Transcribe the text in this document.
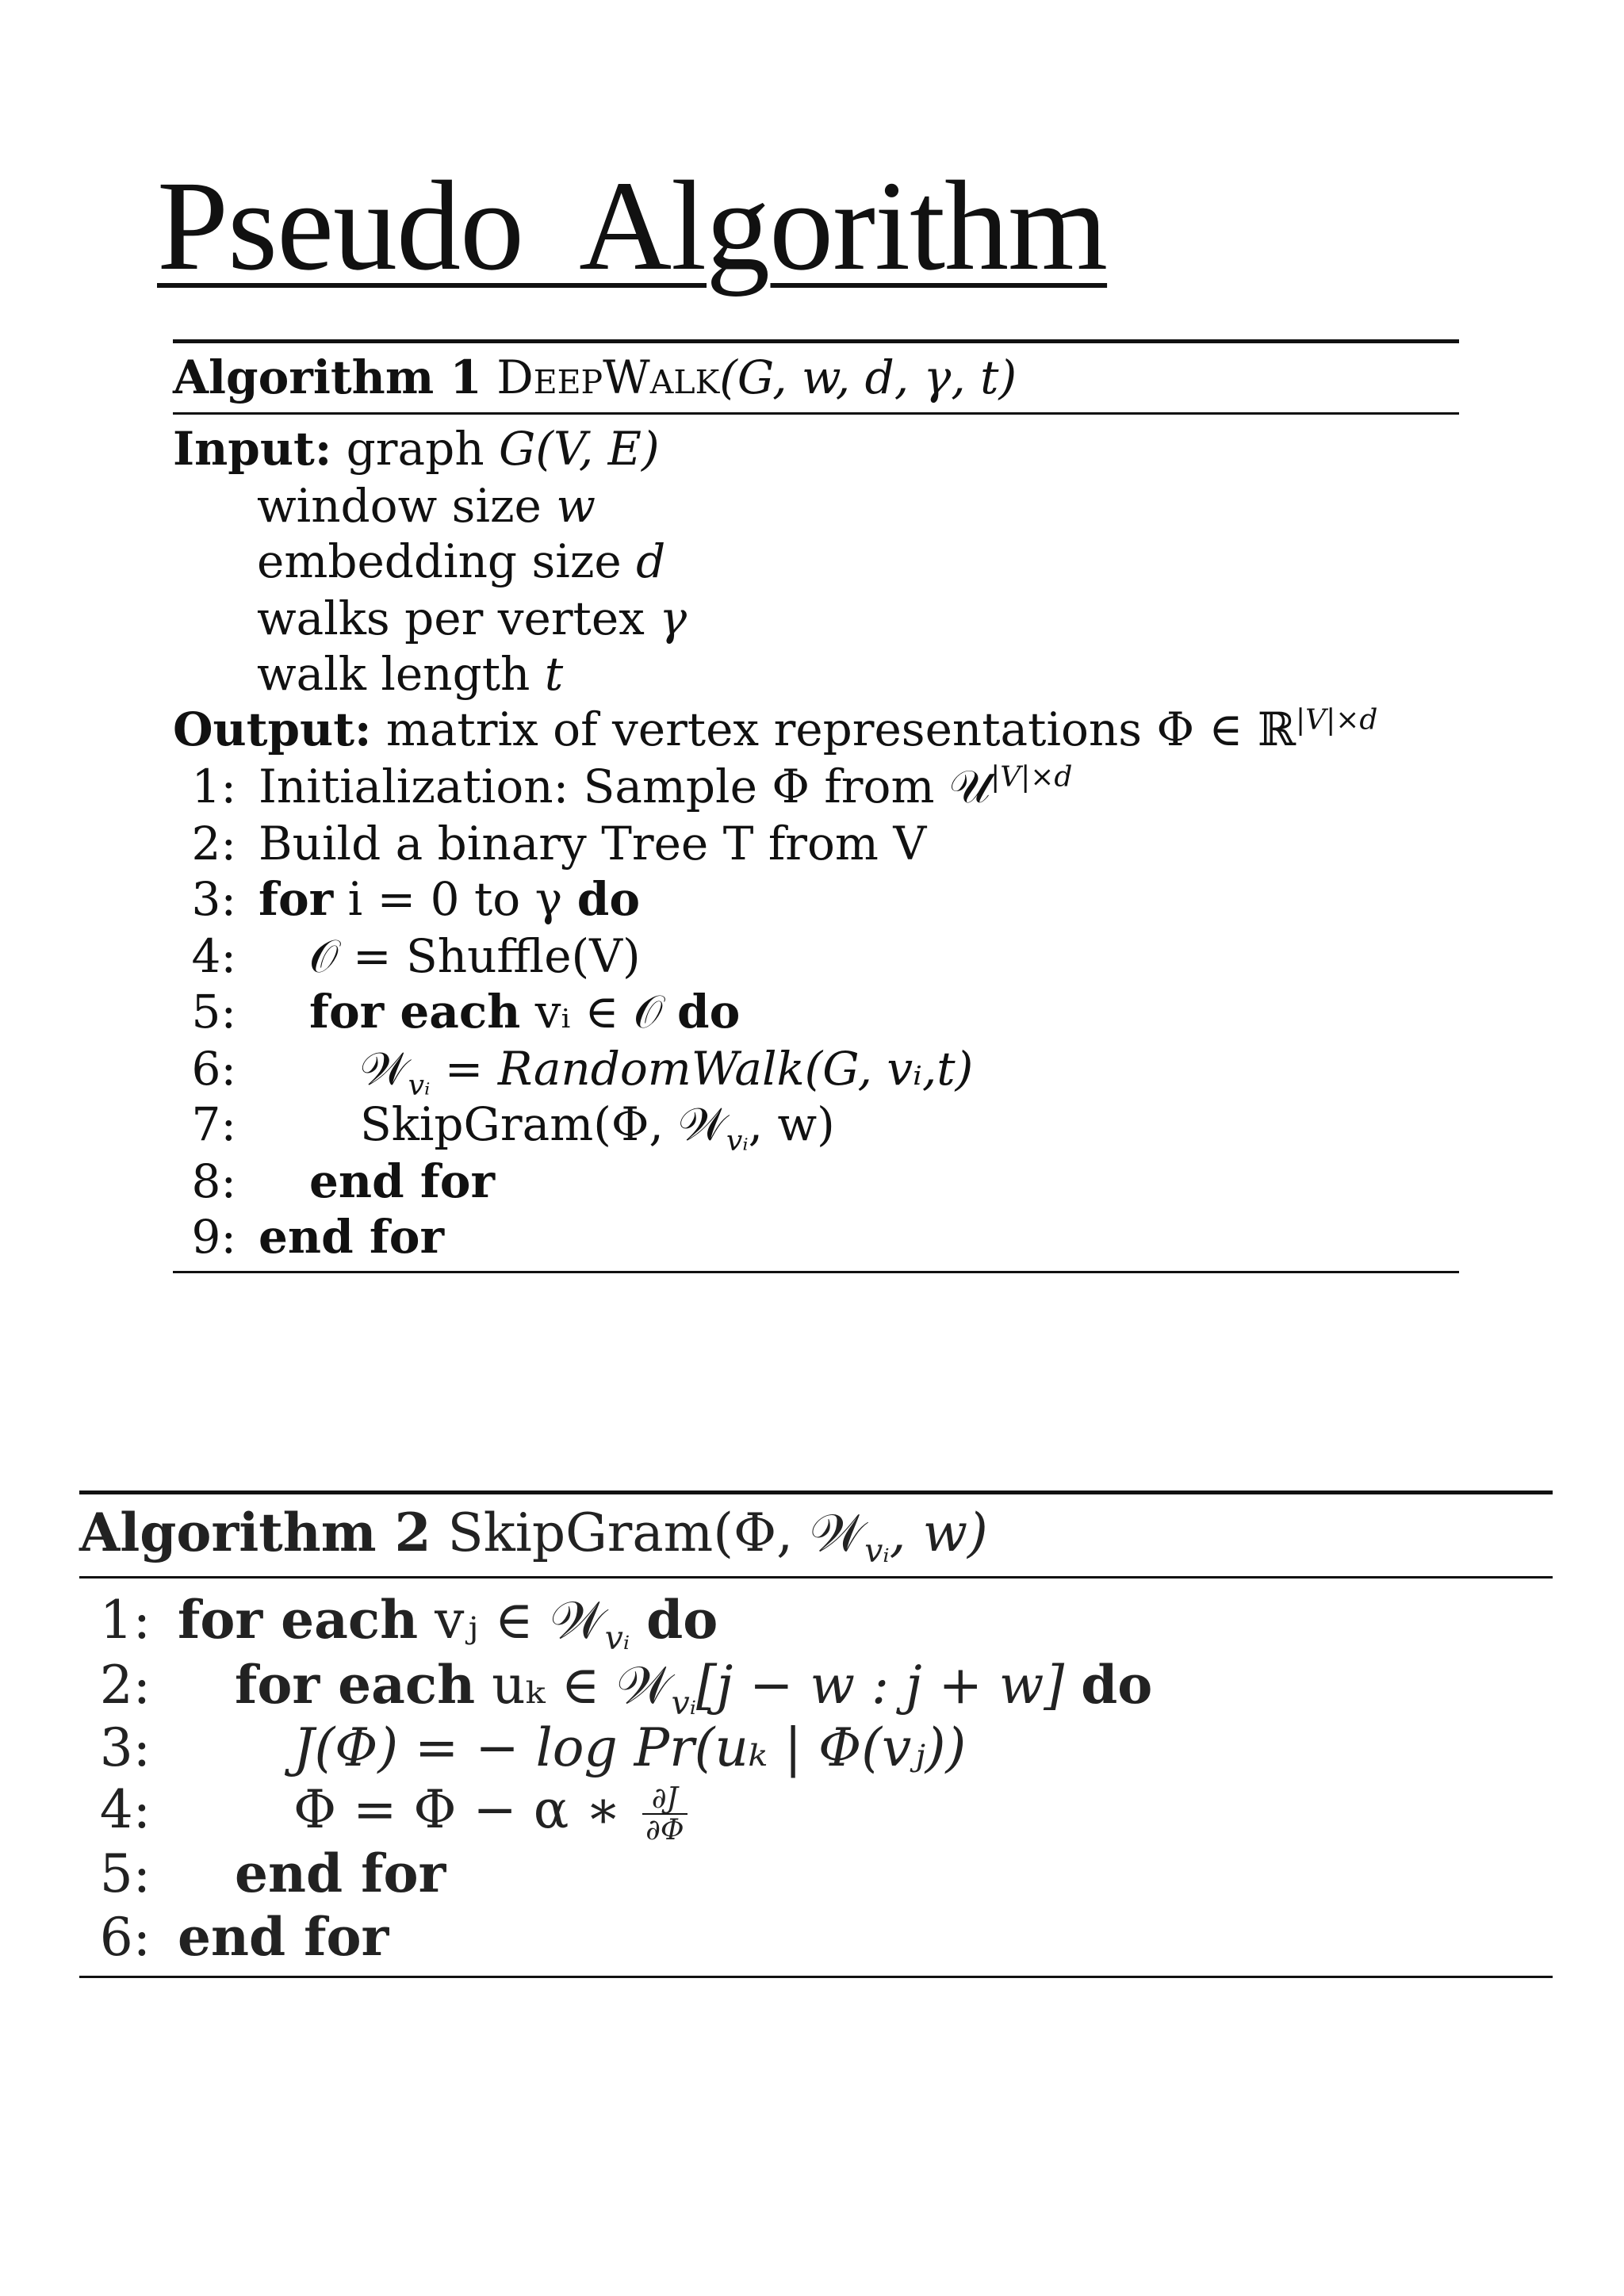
Pseudo  Algorithm
Algorithm 1 DeepWalk(G, w, d, γ, t)
Input: graph G(V, E)
window size w
embedding size d
walks per vertex γ
walk length t
Output: matrix of vertex representations Φ ∈ ℝ$^{|V|\times d}$
1: Initialization: Sample Φ from 𝒰$^{|V|\times d}$
2: Build a binary Tree T from V
3: for i = 0 to γ do
4: 𝒪 = Shuffle(V)
5: for each vᵢ ∈ 𝒪 do
6:	𝒲$_{vᵢ}$ = RandomWalk(G, vᵢ,t)
7:	SkipGram(Φ, 𝒲$_{vᵢ}$, w)
8: end for
9: end for
Algorithm 2 SkipGram(Φ, 𝒲$_{vᵢ}$, w)
1: for each vⱼ ∈ 𝒲$_{vᵢ}$ do
2: for each uₖ ∈ 𝒲$_{vᵢ}$[j − w : j + w] do
3:	J(Φ) = − log Pr(uₖ | Φ(vⱼ))
4:	Φ = Φ − α ∗ $\frac{\partial J}{\partial\Phi}$
5: end for
6: end for
